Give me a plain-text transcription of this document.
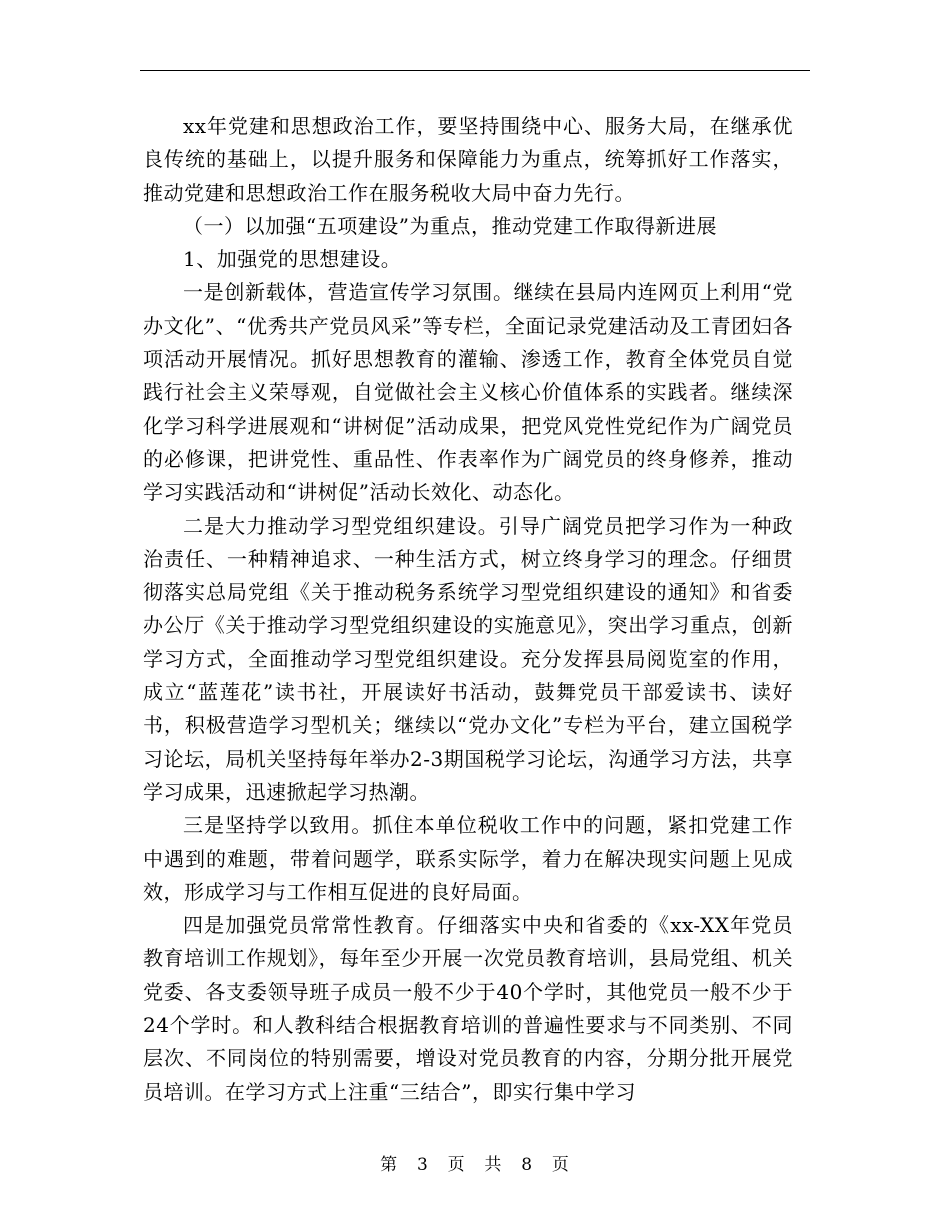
xx年党建和思想政治工作，要坚持围绕中心、服务大局，在继承优良传统的基础上，以提升服务和保障能力为重点，统筹抓好工作落实，推动党建和思想政治工作在服务税收大局中奋力先行。

（一）以加强“五项建设”为重点，推动党建工作取得新进展

1、加强党的思想建设。

一是创新载体，营造宣传学习氛围。继续在县局内连网页上利用“党办文化”、“优秀共产党员风采”等专栏，全面记录党建活动及工青团妇各项活动开展情况。抓好思想教育的灌输、渗透工作，教育全体党员自觉践行社会主义荣辱观，自觉做社会主义核心价值体系的实践者。继续深化学习科学进展观和“讲树促”活动成果，把党风党性党纪作为广阔党员的必修课，把讲党性、重品性、作表率作为广阔党员的终身修养，推动学习实践活动和“讲树促”活动长效化、动态化。

二是大力推动学习型党组织建设。引导广阔党员把学习作为一种政治责任、一种精神追求、一种生活方式，树立终身学习的理念。仔细贯彻落实总局党组《关于推动税务系统学习型党组织建设的通知》和省委办公厅《关于推动学习型党组织建设的实施意见》，突出学习重点，创新学习方式，全面推动学习型党组织建设。充分发挥县局阅览室的作用，成立“蓝莲花”读书社，开展读好书活动，鼓舞党员干部爱读书、读好书，积极营造学习型机关；继续以“党办文化”专栏为平台，建立国税学习论坛，局机关坚持每年举办2-3期国税学习论坛，沟通学习方法，共享学习成果，迅速掀起学习热潮。

三是坚持学以致用。抓住本单位税收工作中的问题，紧扣党建工作中遇到的难题，带着问题学，联系实际学，着力在解决现实问题上见成效，形成学习与工作相互促进的良好局面。

四是加强党员常常性教育。仔细落实中央和省委的《xx-XX年党员教育培训工作规划》，每年至少开展一次党员教育培训，县局党组、机关党委、各支委领导班子成员一般不少于40个学时，其他党员一般不少于24个学时。和人教科结合根据教育培训的普遍性要求与不同类别、不同层次、不同岗位的特别需要，增设对党员教育的内容，分期分批开展党员培训。在学习方式上注重“三结合”，即实行集中学习

第 3 页 共 8 页
